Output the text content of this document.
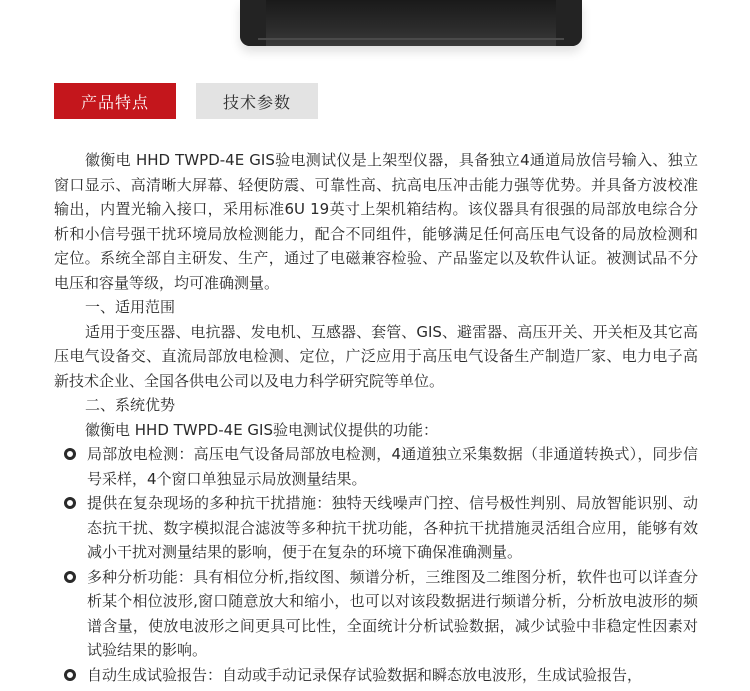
产品特点	技术参数

徽衡电 HHD TWPD-4E GIS验电测试仪是上架型仪器，具备独立4通道局放信号输入、独立窗口显示、高清晰大屏幕、轻便防震、可靠性高、抗高电压冲击能力强等优势。并具备方波校准输出，内置光输入接口，采用标准6U 19英寸上架机箱结构。该仪器具有很强的局部放电综合分析和小信号强干扰环境局放检测能力，配合不同组件，能够满足任何高压电气设备的局放检测和定位。系统全部自主研发、生产，通过了电磁兼容检验、产品鉴定以及软件认证。被测试品不分电压和容量等级，均可准确测量。

一、适用范围

适用于变压器、电抗器、发电机、互感器、套管、GIS、避雷器、高压开关、开关柜及其它高压电气设备交、直流局部放电检测、定位，广泛应用于高压电气设备生产制造厂家、电力电子高新技术企业、全国各供电公司以及电力科学研究院等单位。

二、系统优势

徽衡电 HHD TWPD-4E GIS验电测试仪提供的功能：

局部放电检测：高压电气设备局部放电检测，4通道独立采集数据（非通道转换式），同步信号采样，4个窗口单独显示局放测量结果。
提供在复杂现场的多种抗干扰措施：独特天线噪声门控、信号极性判别、局放智能识别、动态抗干扰、数字模拟混合滤波等多种抗干扰功能，各种抗干扰措施灵活组合应用，能够有效减小干扰对测量结果的影响，便于在复杂的环境下确保准确测量。
多种分析功能：具有相位分析,指纹图、频谱分析，三维图及二维图分析，软件也可以详查分析某个相位波形,窗口随意放大和缩小，也可以对该段数据进行频谱分析，分析放电波形的频谱含量，使放电波形之间更具可比性，全面统计分析试验数据，减少试验中非稳定性因素对试验结果的影响。
自动生成试验报告：自动或手动记录保存试验数据和瞬态放电波形，生成试验报告，
